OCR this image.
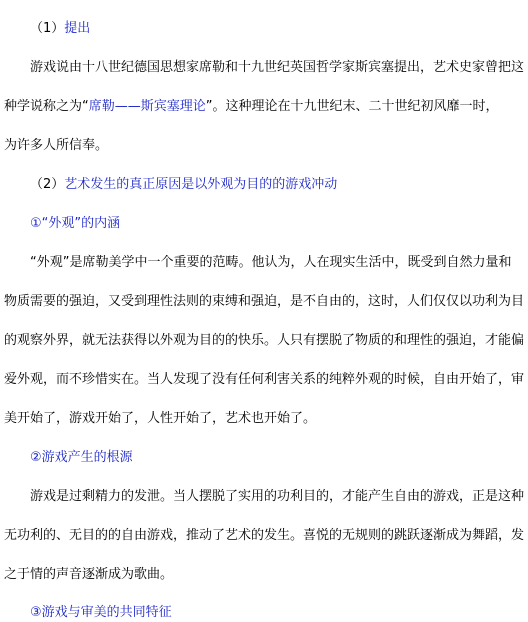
（1）提出
游戏说由十八世纪德国思想家席勒和十九世纪英国哲学家斯宾塞提出，艺术史家曾把这
种学说称之为“席勒——斯宾塞理论”。这种理论在十九世纪末、二十世纪初风靡一时，
为许多人所信奉。
（2）艺术发生的真正原因是以外观为目的的游戏冲动
①“外观”的内涵
“外观”是席勒美学中一个重要的范畴。他认为，人在现实生活中，既受到自然力量和
物质需要的强迫，又受到理性法则的束缚和强迫，是不自由的，这时，人们仅仅以功利为目
的观察外界，就无法获得以外观为目的的快乐。人只有摆脱了物质的和理性的强迫，才能偏
爱外观，而不珍惜实在。当人发现了没有任何利害关系的纯粹外观的时候，自由开始了，审
美开始了，游戏开始了，人性开始了，艺术也开始了。
②游戏产生的根源
游戏是过剩精力的发泄。当人摆脱了实用的功利目的，才能产生自由的游戏，正是这种
无功利的、无目的的自由游戏，推动了艺术的发生。喜悦的无规则的跳跃逐渐成为舞蹈，发
之于情的声音逐渐成为歌曲。
③游戏与审美的共同特征
